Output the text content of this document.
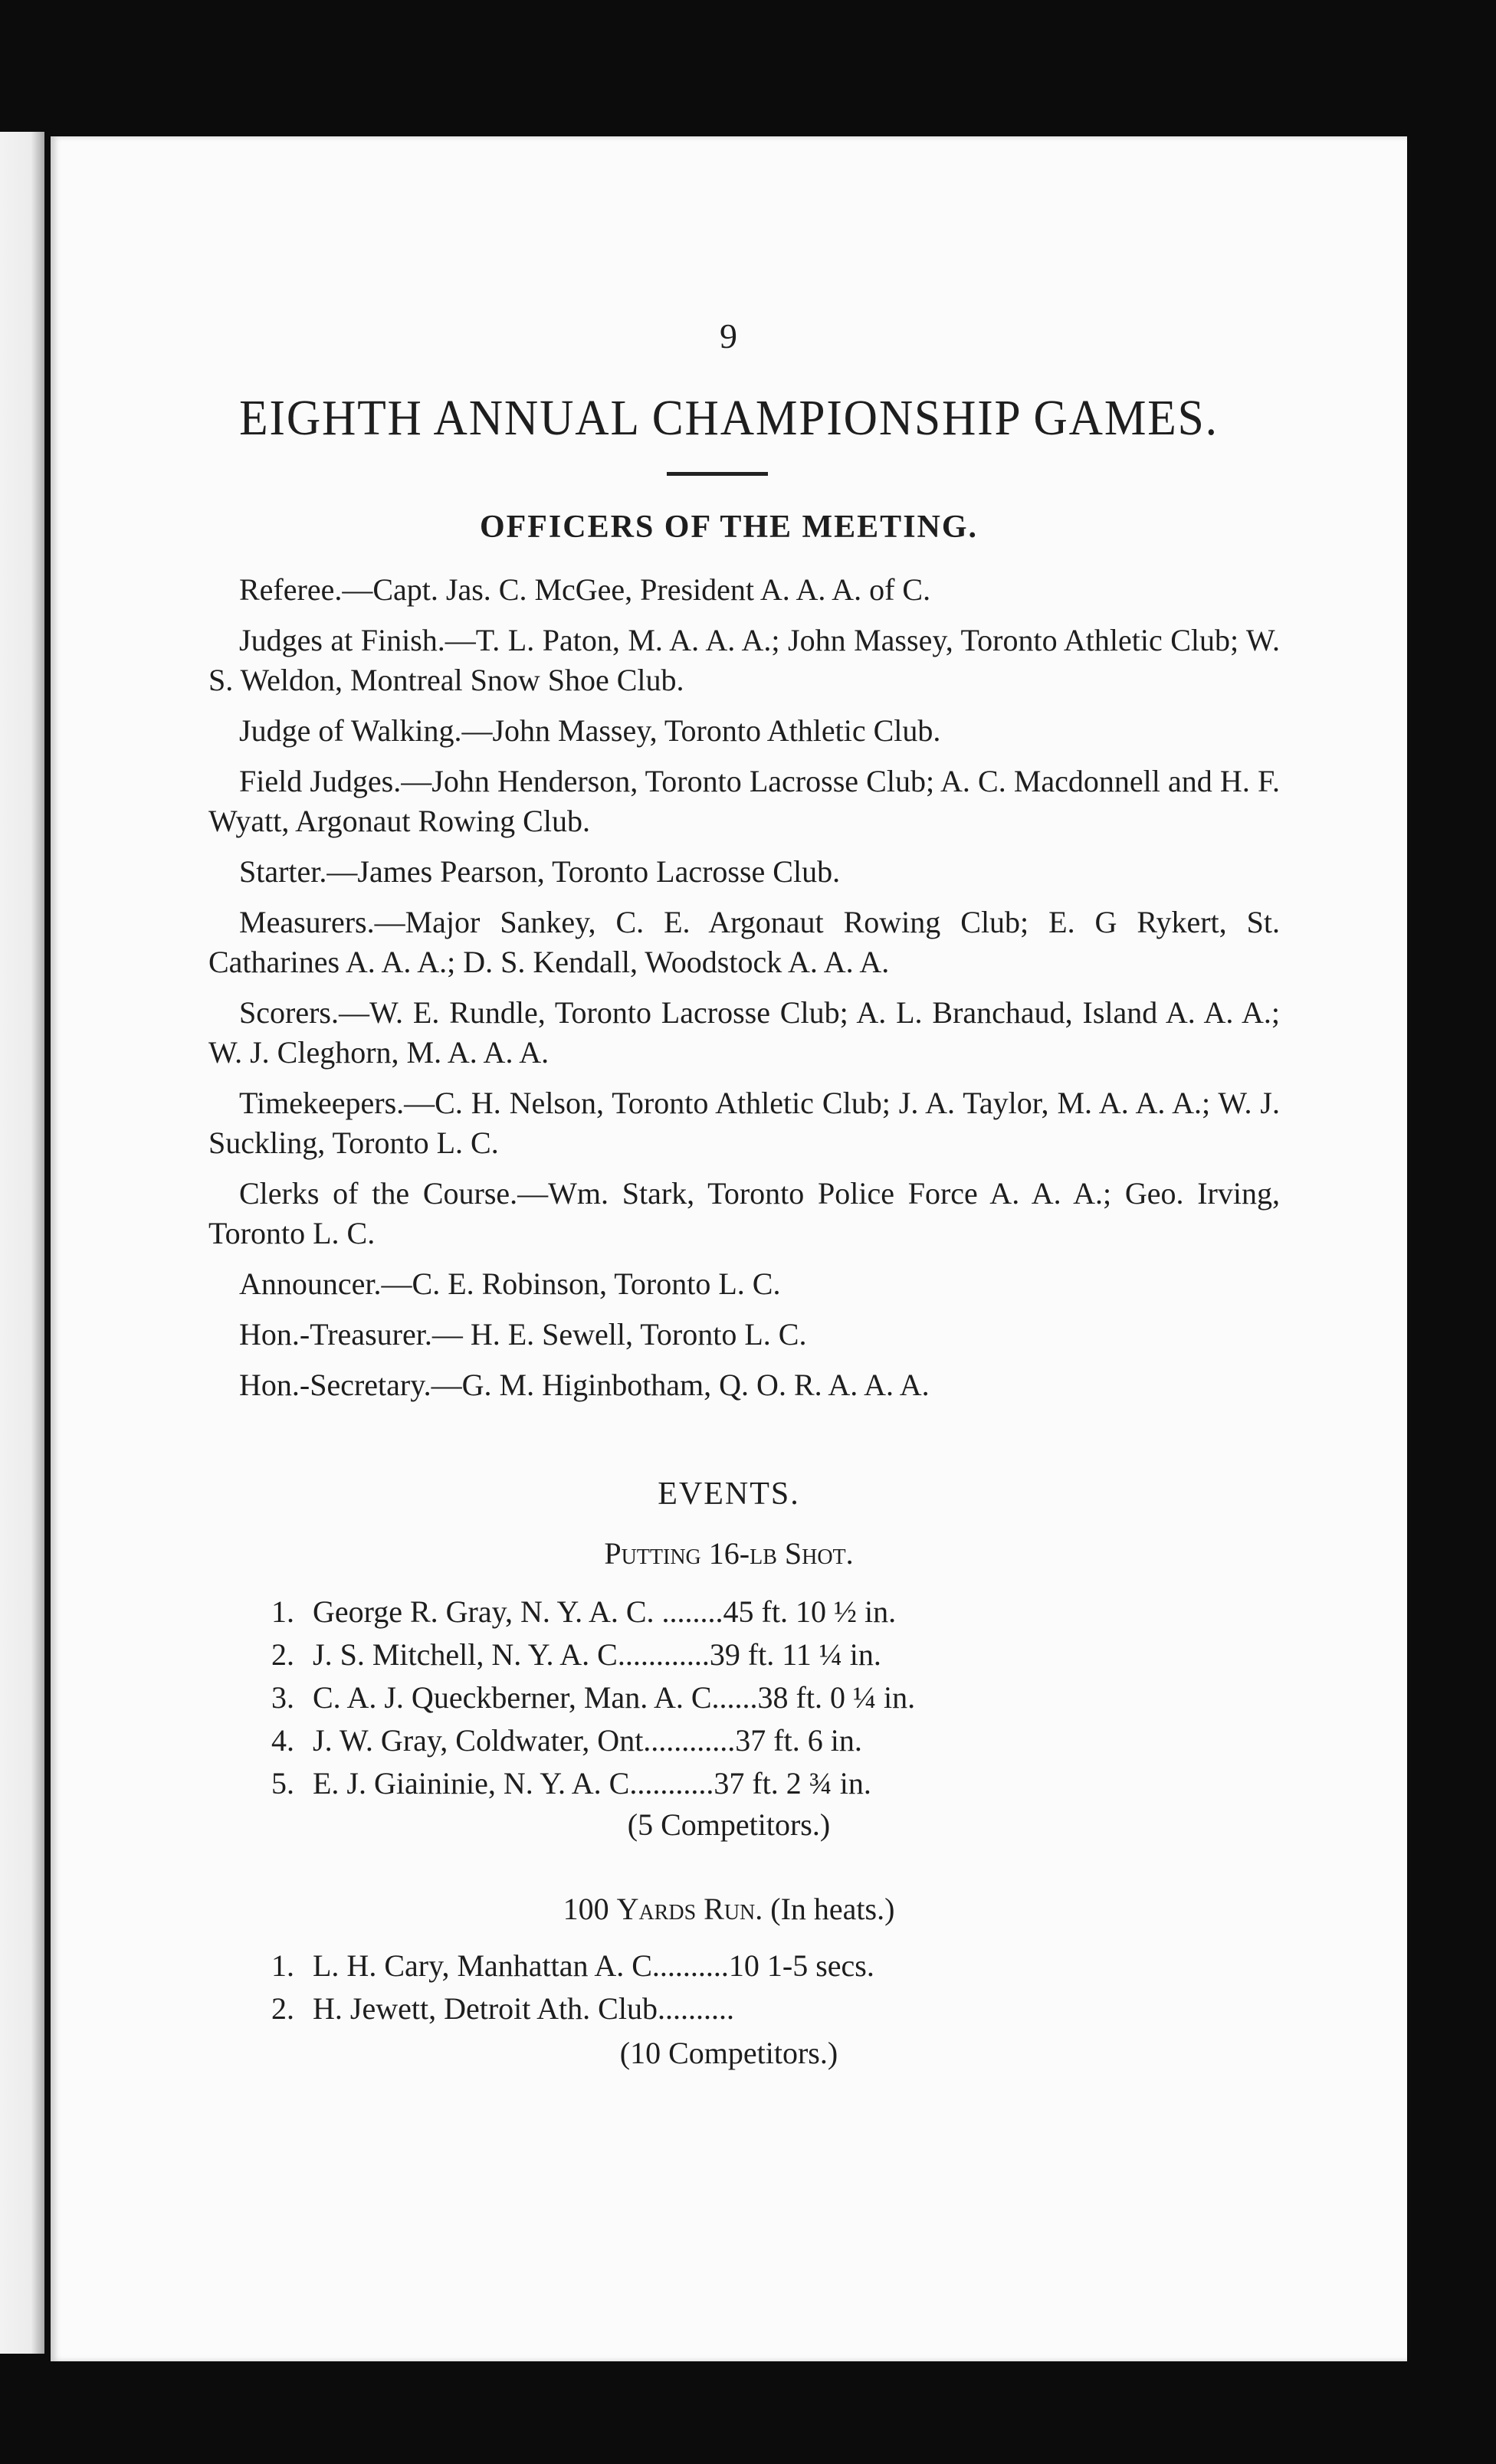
9
EIGHTH ANNUAL CHAMPIONSHIP GAMES.
OFFICERS OF THE MEETING.

Referee.—Capt. Jas. C. McGee, President A. A. A. of C.

Judges at Finish.—T. L. Paton, M. A. A. A.; John Massey, Toronto Athletic Club; W. S. Weldon, Montreal Snow Shoe Club.

Judge of Walking.—John Massey, Toronto Athletic Club.

Field Judges.—John Henderson, Toronto Lacrosse Club; A. C. Macdonnell and H. F. Wyatt, Argonaut Rowing Club.

Starter.—James Pearson, Toronto Lacrosse Club.

Measurers.—Major Sankey, C. E. Argonaut Rowing Club; E. G Rykert, St. Catharines A. A. A.; D. S. Kendall, Woodstock A. A. A.

Scorers.—W. E. Rundle, Toronto Lacrosse Club; A. L. Branchaud, Island A. A. A.; W. J. Cleghorn, M. A. A. A.

Timekeepers.—C. H. Nelson, Toronto Athletic Club; J. A. Taylor, M. A. A. A.; W. J. Suckling, Toronto L. C.

Clerks of the Course.—Wm. Stark, Toronto Police Force A. A. A.; Geo. Irving, Toronto L. C.

Announcer.—C. E. Robinson, Toronto L. C.

Hon.-Treasurer.— H. E. Sewell, Toronto L. C.

Hon.-Secretary.—G. M. Higinbotham, Q. O. R. A. A. A.

EVENTS.
Putting 16-lb Shot.
1. George R. Gray, N. Y. A. C. ........45 ft. 10 ½ in.
2. J. S. Mitchell, N. Y. A. C............39 ft. 11 ¼ in.
3. C. A. J. Queckberner, Man. A. C......38 ft. 0 ¼ in.
4. J. W. Gray, Coldwater, Ont............37 ft. 6 in.
5. E. J. Giaininie, N. Y. A. C...........37 ft. 2 ¾ in.
(5 Competitors.)
100 Yards Run. (In heats.)
1. L. H. Cary, Manhattan A. C..........10 1-5 secs.
2. H. Jewett, Detroit Ath. Club..........
(10 Competitors.)
